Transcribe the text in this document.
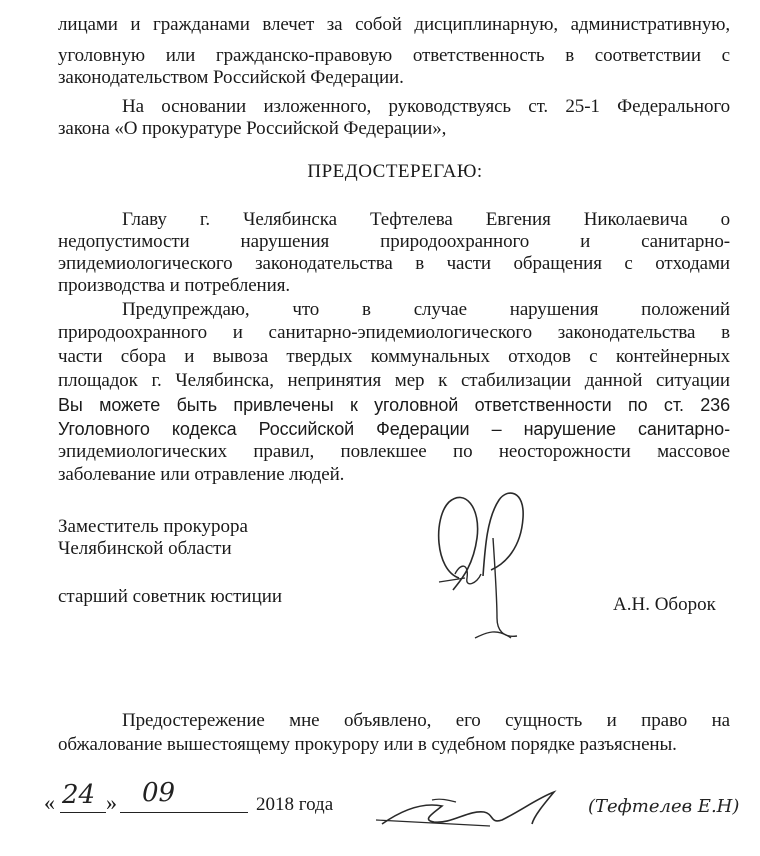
лицами и гражданами влечет за собой дисциплинарную, административную,
уголовную или гражданско-правовую ответственность в соответствии с
законодательством Российской Федерации.
На основании изложенного, руководствуясь ст. 25-1 Федерального
закона «О прокуратуре Российской Федерации»,
ПРЕДОСТЕРЕГАЮ:
Главу г. Челябинска Тефтелева Евгения Николаевича о
недопустимости нарушения природоохранного и санитарно-
эпидемиологического законодательства в части обращения с отходами
производства и потребления.
Предупреждаю, что в случае нарушения положений
природоохранного и санитарно-эпидемиологического законодательства в
части сбора и вывоза твердых коммунальных отходов с контейнерных
площадок г. Челябинска, непринятия мер к стабилизации данной ситуации
Вы можете быть привлечены к уголовной ответственности по ст. 236
Уголовного кодекса Российской Федерации – нарушение санитарно-
эпидемиологических правил, повлекшее по неосторожности массовое
заболевание или отравление людей.
Заместитель прокурора
Челябинской области
старший советник юстиции	А.Н. Оборок
Предостережение мне объявлено, его сущность и право на
обжалование вышестоящему прокурору или в судебном порядке разъяснены.
« 24 » 09	2018 года	(Тефтелев Е.Н)
